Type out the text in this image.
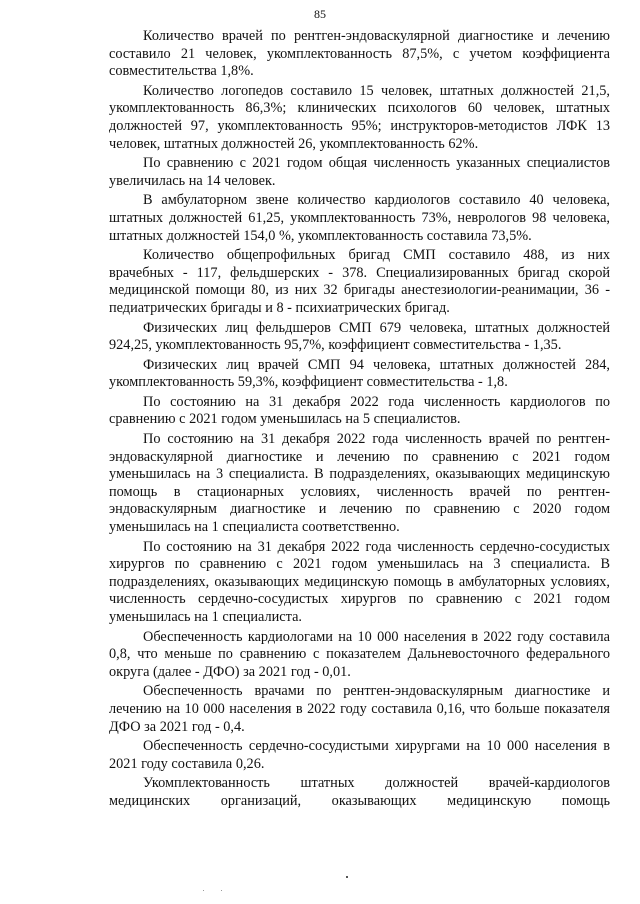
85

Количество врачей по рентген-эндоваскулярной диагностике и лечению составило 21 человек, укомплектованность 87,5%, с учетом коэффициента совместительства 1,8%.

Количество логопедов составило 15 человек, штатных должностей 21,5, укомплектованность 86,3%; клинических психологов 60 человек, штатных должностей 97, укомплектованность 95%; инструкторов-методистов ЛФК 13 человек, штатных должностей 26, укомплектованность 62%.

По сравнению с 2021 годом общая численность указанных специалистов увеличилась на 14 человек.

В амбулаторном звене количество кардиологов составило 40 человека, штатных должностей 61,25, укомплектованность 73%, неврологов 98 человека, штатных должностей 154,0 %, укомплектованность составила 73,5%.

Количество общепрофильных бригад СМП составило 488, из них врачебных - 117, фельдшерских - 378. Специализированных бригад скорой медицинской помощи 80, из них 32 бригады анестезиологии-реанимации, 36 - педиатрических бригады и 8 - психиатрических бригад.

Физических лиц фельдшеров СМП 679 человека, штатных должностей 924,25, укомплектованность 95,7%, коэффициент совместительства - 1,35.

Физических лиц врачей СМП 94 человека, штатных должностей 284, укомплектованность 59,3%, коэффициент совместительства - 1,8.

По состоянию на 31 декабря 2022 года численность кардиологов по сравнению с 2021 годом уменьшилась на 5 специалистов.

По состоянию на 31 декабря 2022 года численность врачей по рентген-эндоваскулярной диагностике и лечению по сравнению с 2021 годом уменьшилась на 3 специалиста. В подразделениях, оказывающих медицинскую помощь в стационарных условиях, численность врачей по рентген-эндоваскулярным диагностике и лечению по сравнению с 2020 годом уменьшилась на 1 специалиста соответственно.

По состоянию на 31 декабря 2022 года численность сердечно-сосудистых хирургов по сравнению с 2021 годом уменьшилась на 3 специалиста. В подразделениях, оказывающих медицинскую помощь в амбулаторных условиях, численность сердечно-сосудистых хирургов по сравнению с 2021 годом уменьшилась на 1 специалиста.

Обеспеченность кардиологами на 10 000 населения в 2022 году составила 0,8, что меньше по сравнению с показателем Дальневосточного федерального округа (далее - ДФО) за 2021 год - 0,01.

Обеспеченность врачами по рентген-эндоваскулярным диагностике и лечению на 10 000 населения в 2022 году составила 0,16, что больше показателя ДФО за 2021 год - 0,4.

Обеспеченность сердечно-сосудистыми хирургами на 10 000 населения в 2021 году составила 0,26.

Укомплектованность штатных должностей врачей-кардиологов медицинских организаций, оказывающих медицинскую помощь
